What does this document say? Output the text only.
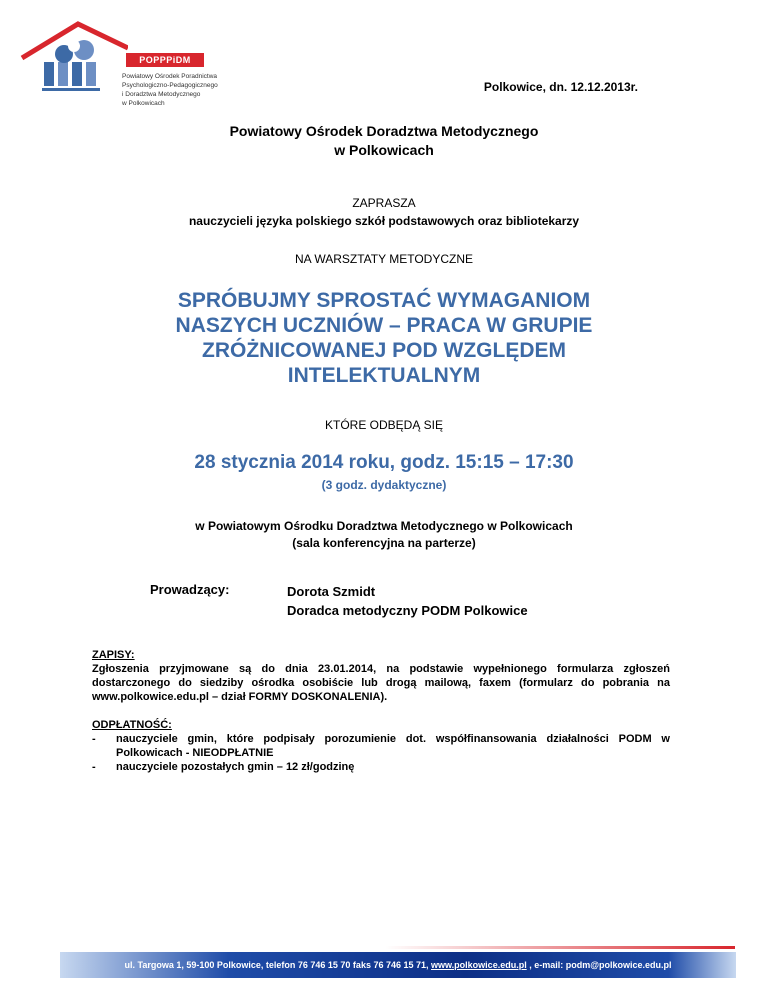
POPPPiDM
Powiatowy Ośrodek Poradnictwa
Psychologiczno-Pedagogicznego
i Doradztwa Metodycznego
w Polkowicach
Polkowice, dn. 12.12.2013r.
Powiatowy Ośrodek Doradztwa Metodycznego
w Polkowicach
ZAPRASZA
nauczycieli języka polskiego szkół podstawowych oraz bibliotekarzy
NA WARSZTATY METODYCZNE
SPRÓBUJMY SPROSTAĆ WYMAGANIOM
NASZYCH UCZNIÓW – PRACA W GRUPIE
ZRÓŻNICOWANEJ POD WZGLĘDEM
INTELEKTUALNYM
KTÓRE ODBĘDĄ SIĘ
28 stycznia 2014 roku, godz. 15:15 – 17:30
(3 godz. dydaktyczne)
w Powiatowym Ośrodku Doradztwa Metodycznego w Polkowicach
(sala konferencyjna na parterze)
Prowadzący:	Dorota Szmidt
Doradca metodyczny PODM Polkowice
ZAPISY:
Zgłoszenia przyjmowane są do dnia 23.01.2014, na podstawie wypełnionego formularza zgłoszeń dostarczonego do siedziby ośrodka osobiście lub drogą mailową, faxem (formularz do pobrania na www.polkowice.edu.pl – dział FORMY DOSKONALENIA).
ODPŁATNOŚĆ:
-	nauczyciele gmin, które podpisały porozumienie dot. współfinansowania działalności PODM w Polkowicach - NIEODPŁATNIE
-	nauczyciele pozostałych gmin – 12 zł/godzinę
ul. Targowa 1, 59-100 Polkowice, telefon 76 746 15 70 faks 76 746 15 71, www.polkowice.edu.pl , e-mail: podm@polkowice.edu.pl
